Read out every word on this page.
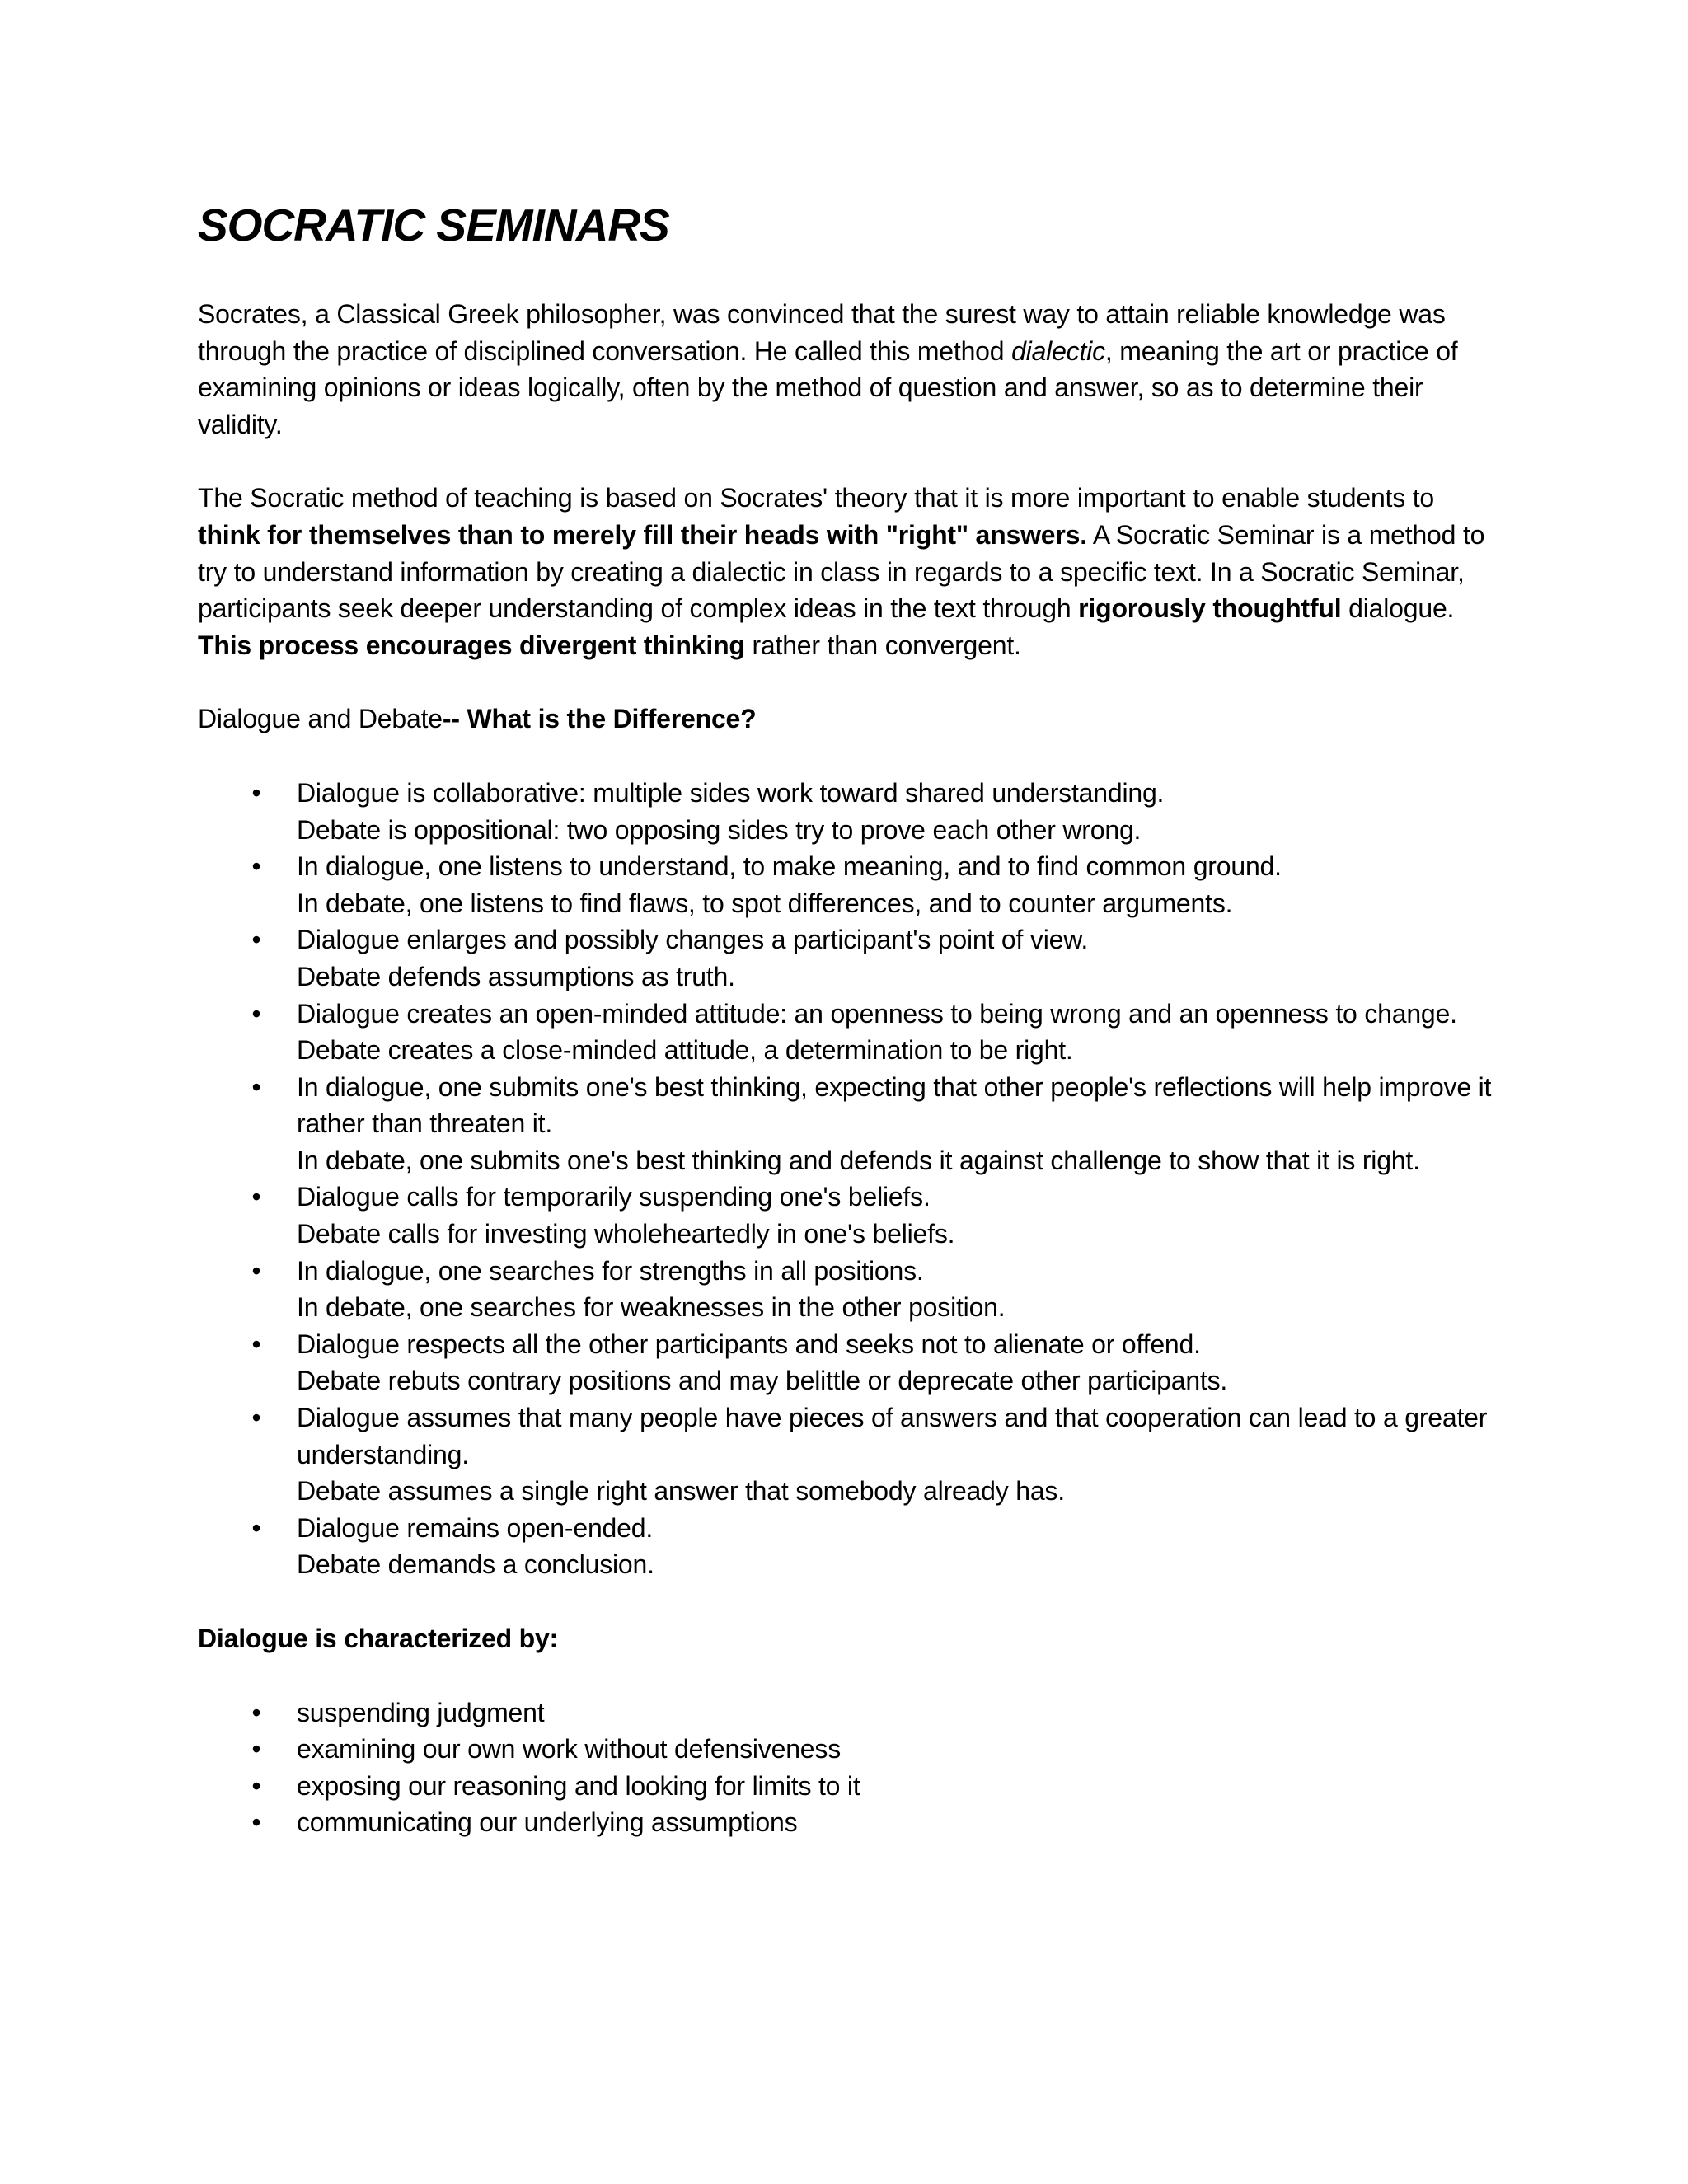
SOCRATIC SEMINARS

Socrates, a Classical Greek philosopher, was convinced that the surest way to attain reliable knowledge was through the practice of disciplined conversation. He called this method dialectic, meaning the art or practice of examining opinions or ideas logically, often by the method of question and answer, so as to determine their validity.

The Socratic method of teaching is based on Socrates' theory that it is more important to enable students to think for themselves than to merely fill their heads with "right" answers. A Socratic Seminar is a method to try to understand information by creating a dialectic in class in regards to a specific text. In a Socratic Seminar, participants seek deeper understanding of complex ideas in the text through rigorously thoughtful dialogue. This process encourages divergent thinking rather than convergent.

Dialogue and Debate-- What is the Difference?

• Dialogue is collaborative: multiple sides work toward shared understanding.
Debate is oppositional: two opposing sides try to prove each other wrong.
• In dialogue, one listens to understand, to make meaning, and to find common ground.
In debate, one listens to find flaws, to spot differences, and to counter arguments.
• Dialogue enlarges and possibly changes a participant's point of view.
Debate defends assumptions as truth.
• Dialogue creates an open-minded attitude: an openness to being wrong and an openness to change.
Debate creates a close-minded attitude, a determination to be right.
• In dialogue, one submits one's best thinking, expecting that other people's reflections will help improve it rather than threaten it.
In debate, one submits one's best thinking and defends it against challenge to show that it is right.
• Dialogue calls for temporarily suspending one's beliefs.
Debate calls for investing wholeheartedly in one's beliefs.
• In dialogue, one searches for strengths in all positions.
In debate, one searches for weaknesses in the other position.
• Dialogue respects all the other participants and seeks not to alienate or offend.
Debate rebuts contrary positions and may belittle or deprecate other participants.
• Dialogue assumes that many people have pieces of answers and that cooperation can lead to a greater understanding.
Debate assumes a single right answer that somebody already has.
• Dialogue remains open-ended.
Debate demands a conclusion.

Dialogue is characterized by:

• suspending judgment
• examining our own work without defensiveness
• exposing our reasoning and looking for limits to it
• communicating our underlying assumptions
